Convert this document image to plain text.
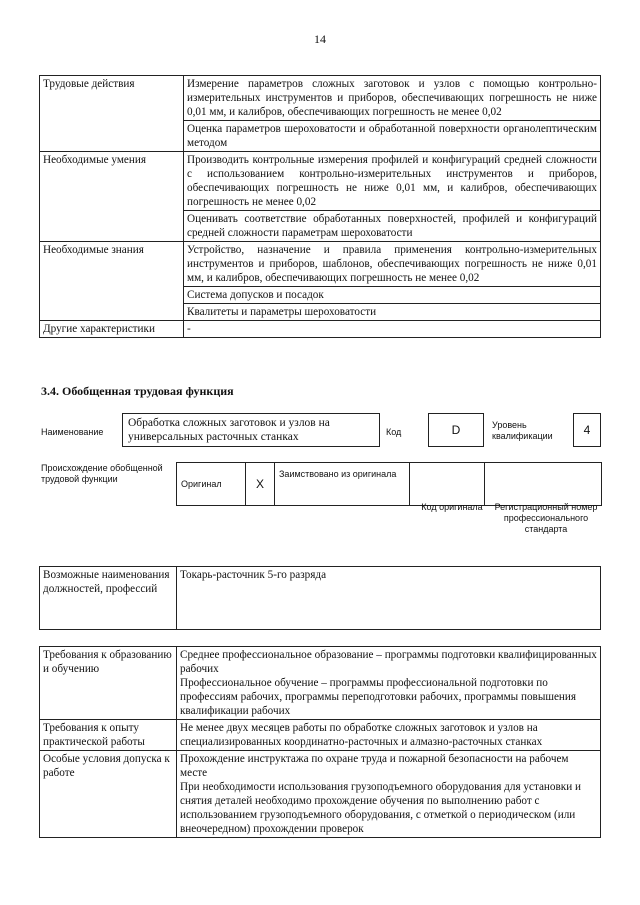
14
Трудовые действия	Измерение параметров сложных заготовок и узлов с помощью контрольно-измерительных инструментов и приборов, обеспечивающих погрешность не ниже 0,01 мм, и калибров, обеспечивающих погрешность не менее 0,02
	Оценка параметров шероховатости и обработанной поверхности органолептическим методом
Необходимые умения	Производить контрольные измерения профилей и конфигураций средней сложности с использованием контрольно-измерительных инструментов и приборов, обеспечивающих погрешность не ниже 0,01 мм, и калибров, обеспечивающих погрешность не менее 0,02
	Оценивать соответствие обработанных поверхностей, профилей и конфигураций средней сложности параметрам шероховатости
Необходимые знания	Устройство, назначение и правила применения контрольно-измерительных инструментов и приборов, шаблонов, обеспечивающих погрешность не ниже 0,01 мм, и калибров, обеспечивающих погрешность не менее 0,02
	Система допусков и посадок
	Квалитеты и параметры шероховатости
Другие характеристики	-
3.4. Обобщенная трудовая функция
Наименование
Обработка сложных заготовок и узлов на универсальных расточных станках	Код	D	Уровень квалификации	4
Происхождение обобщенной трудовой функции	Оригинал	X	Заимствовано из оригинала		
Код оригинала	Регистрационный номер профессионального стандарта
Возможные наименования должностей, профессий	Токарь-расточник 5-го разряда
Требования к образованию и обучению	Среднее профессиональное образование – программы подготовки квалифицированных рабочих
Профессиональное обучение – программы профессиональной подготовки по профессиям рабочих, программы переподготовки рабочих, программы повышения квалификации рабочих

Требования к опыту практической работы	Не менее двух месяцев работы по обработке сложных заготовок и узлов на специализированных координатно-расточных и алмазно-расточных станках

Особые условия допуска к работе	Прохождение инструктажа по охране труда и пожарной безопасности на рабочем месте
При необходимости использования грузоподъемного оборудования для установки и снятия деталей необходимо прохождение обучения по выполнению работ с использованием грузоподъемного оборудования, с отметкой о периодическом (или внеочередном) прохождении проверок
